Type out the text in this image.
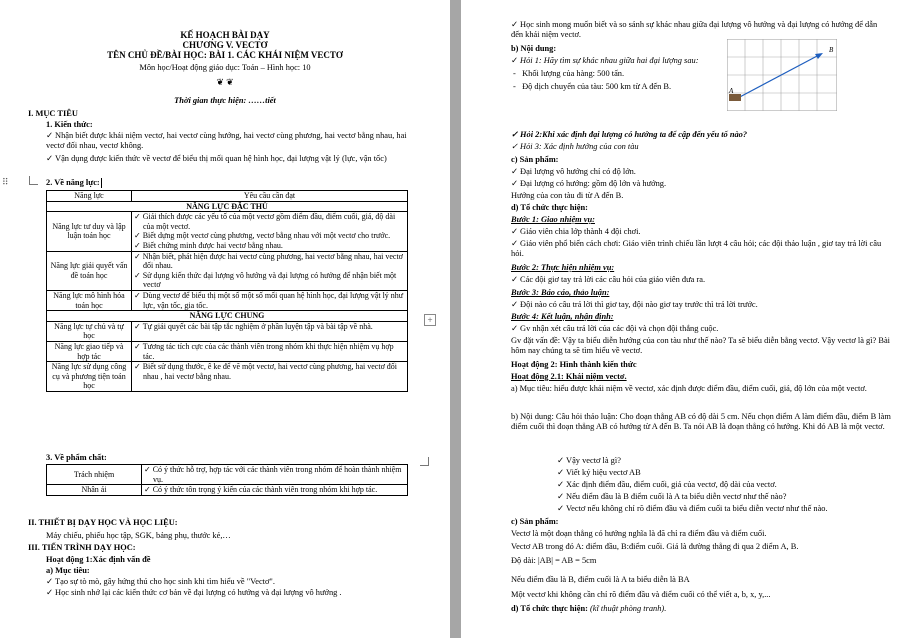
KẾ HOẠCH BÀI DẠY
CHƯƠNG V. VECTƠ
TÊN CHỦ ĐỀ/BÀI HỌC: BÀI 1. CÁC KHÁI NIỆM VECTƠ
Môn học/Hoạt động giáo dục: Toán – Hình học: 10
❦ ❦
Thời gian thực hiện: ……tiết
I. MỤC TIÊU
1. Kiến thức:
✓ Nhận biết được khái niệm vectơ, hai vectơ cùng hướng, hai vectơ cùng phương, hai vectơ bằng nhau, hai vectơ đối nhau, vectơ không.
✓ Vận dụng được kiến thức về vectơ để biểu thị mối quan hệ hình học, đại lượng vật lý (lực, vận tốc)
⠿	2. Về năng lực:
Năng lực	Yêu cầu cần đạt
NĂNG LỰC ĐẶC THÙ	
Năng lực tư duy và lập luận toán học	✓ Giải thích được các yếu tố của một vectơ gồm điểm đầu, điểm cuối, giá, độ dài của một vectơ.
✓ Biết dựng một vectơ cùng phương, vectơ bằng nhau với một vectơ cho trước.
✓ Biết chứng minh được hai vectơ bằng nhau.

Năng lực giải quyết vấn đề toán học	✓ Nhận biết, phát hiện được hai vectơ cùng phương, hai vectơ bằng nhau, hai vectơ đối nhau.
✓ Sử dụng kiến thức đại lượng vô hướng và đại lượng có hướng để nhận biết một vectơ

Năng lực mô hình hóa toán học	✓ Dùng vectơ để biểu thị một số một số mối quan hệ hình học, đại lượng vật lý như lực, vận tốc, gia tốc.

NĂNG LỰC CHUNG	
Năng lực tự chủ và tự học	✓ Tự giải quyết các bài tập tắc nghiệm ở phần luyện tập và bài tập về nhà.

Năng lực giao tiếp và hợp tác	✓ Tương tác tích cực của các thành viên trong nhóm khi thực hiện nhiệm vụ hợp tác.

Năng lực sử dụng công cụ và phương tiện toán học	✓ Biết sử dụng thước, ê ke để vẽ một vectơ, hai vectơ cùng phương, hai vectơ đối nhau , hai vectơ bằng nhau.
3. Về phẩm chất:
Trách nhiệm	✓ Có ý thức hỗ trợ, hợp tác với các thành viên trong nhóm để hoàn thành nhiệm vụ.

Nhân ái	✓ Có ý thức tôn trọng ý kiến của các thành viên trong nhóm khi hợp tác.
II. THIẾT BỊ DẠY HỌC VÀ HỌC LIỆU:
Máy chiếu, phiếu học tập, SGK, bảng phụ, thước kẻ,…
III. TIẾN TRÌNH DẠY HỌC:
Hoạt động 1:Xác định vấn đề
a) Mục tiêu:
✓ Tạo sự tò mò, gây hứng thú cho học sinh khi tìm hiểu về "Vectơ".
✓ Học sinh nhớ lại các kiến thức cơ bản về đại lượng có hướng và đại lượng vô hướng .
✓ Học sinh mong muốn biết và so sánh sự khác nhau giữa đại lượng vô hướng và đại lượng có hướng để dẫn đến khái niệm vectơ.
b) Nội dung:
✓ Hỏi 1: Hãy tìm sự khác nhau giữa hai đại lượng sau:
-   Khối lượng của hàng: 500 tấn.
-   Độ dịch chuyển của tàu: 500 km từ A đến B.	A
B
✓ Hỏi 2:Khi xác định đại lượng có hướng ta để cập đến yếu tố nào?
✓ Hỏi 3: Xác định hướng của con tàu
c) Sản phẩm:
✓ Đại lượng vô hướng chỉ có độ lớn.
✓ Đại lượng có hướng: gồm độ lớn và hướng.
Hướng của con tàu đi từ A đến B.
d) Tổ chức thực hiện:
Bước 1: Giao nhiệm vụ:
✓ Giáo viên chia lớp thành 4 đội chơi.
✓ Giáo viên phổ biến cách chơi: Giáo viên trình chiếu lần lượt 4 câu hỏi; các đội thảo luận , giơ tay trả lời câu hỏi.
Bước 2: Thực hiện nhiệm vụ:
✓ Các đội giơ tay trả lời các câu hỏi của giáo viên đưa ra.
Bước 3: Báo cáo, thảo luận:
✓ Đội nào có câu trả lời thì giơ tay, đội nào giơ tay trước thì trả lời trước.
Bước 4: Kết luận, nhận định:
✓ Gv nhận xét câu trả lời của các đội và chọn đội thắng cuộc.
Gv đặt vấn đề: Vậy ta biểu diễn hướng của con tàu như thế nào? Ta sẽ biểu diễn bằng vectơ. Vậy vectơ là gì? Bài hôm nay chúng ta sẽ tìm hiểu về vectơ.
Hoạt động 2: Hình thành kiến thức
Hoạt động 2.1: Khái niệm vectơ.
a) Mục tiêu: hiểu được khái niệm về vectơ, xác định được điểm đầu, điểm cuối, giá, độ lớn của một vectơ.
b) Nội dung: Câu hỏi thảo luận: Cho đoạn thẳng AB có độ dài 5 cm. Nếu chọn điểm A làm điểm đầu, điểm B làm điểm cuối thì đoạn thẳng AB có hướng từ A đến B. Ta nói AB là đoạn thẳng có hướng. Khi đó AB là một vectơ.
✓ Vậy vectơ là gì?
✓ Viết ký hiệu vectơ AB
✓ Xác định điểm đầu, điểm cuối, giá của vectơ, độ dài của vectơ.
✓ Nếu điểm đầu là B điểm cuối là A ta biểu diễn vectơ như thế nào?
✓ Vectơ nếu không chỉ rõ điểm đầu và điểm cuối ta biểu diễn vectơ như thế nào.
c) Sản phẩm:
Vectơ là một đoạn thẳng có hướng nghĩa là đã chỉ ra điểm đầu và điểm cuối.
Vectơ AB trong đó A: điểm đầu, B:điểm cuối. Giá là đường thẳng đi qua 2 điểm A, B.
Độ dài: |AB| = AB = 5cm
Nếu điểm đầu là B, điểm cuối là A ta biểu diễn là BA
Một vectơ khi không cần chỉ rõ điểm đầu và điểm cuối có thể viết a, b, x, y,...
d) Tổ chức thực hiện: (kĩ thuật phòng tranh).
+
